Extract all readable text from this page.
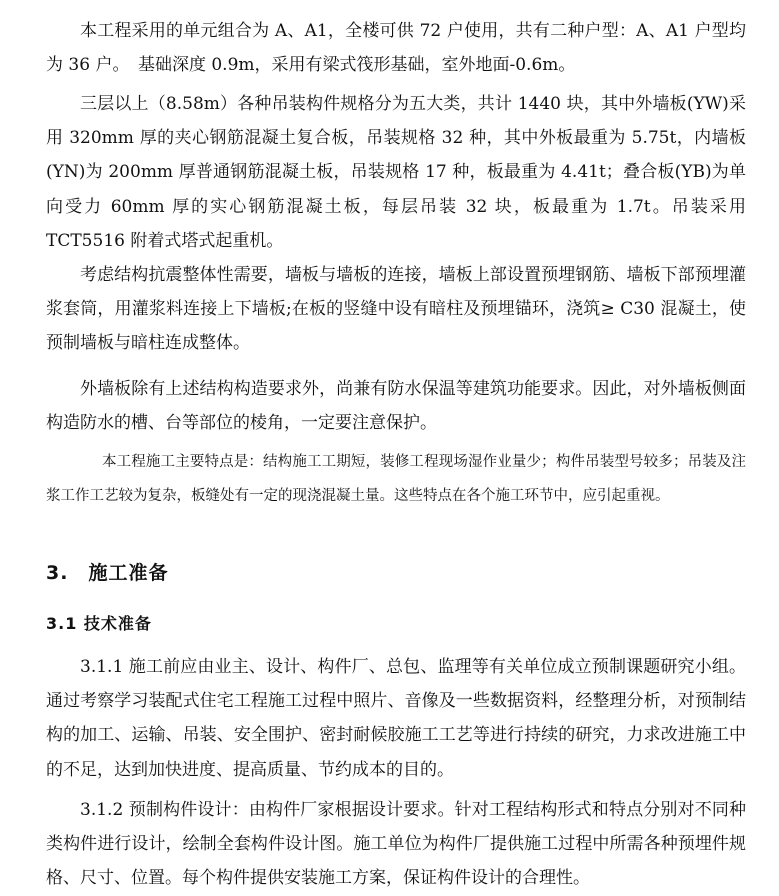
本工程采用的单元组合为 A、A1，全楼可供 72 户使用，共有二种户型：A、A1 户型均为 36 户。　基础深度 0.9m，采用有梁式筏形基础，室外地面-0.6m。

三层以上（8.58m）各种吊装构件规格分为五大类，共计 1440 块，其中外墙板(YW)采用 320mm 厚的夹心钢筋混凝土复合板，吊装规格 32 种，其中外板最重为 5.75t，内墙板(YN)为 200mm 厚普通钢筋混凝土板，吊装规格 17 种，板最重为 4.41t；叠合板(YB)为单向受力 60mm 厚的实心钢筋混凝土板，每层吊装 32 块，板最重为 1.7t。吊装采用 TCT5516 附着式塔式起重机。

考虑结构抗震整体性需要，墙板与墙板的连接，墙板上部设置预埋钢筋、墙板下部预埋灌浆套筒，用灌浆料连接上下墙板;在板的竖缝中设有暗柱及预埋锚环，浇筑≥ C30 混凝土，使预制墙板与暗柱连成整体。

外墙板除有上述结构构造要求外，尚兼有防水保温等建筑功能要求。因此，对外墙板侧面构造防水的槽、台等部位的棱角，一定要注意保护。

本工程施工主要特点是：结构施工工期短，装修工程现场湿作业量少；构件吊装型号较多；吊装及注浆工作工艺较为复杂，板缝处有一定的现浇混凝土量。这些特点在各个施工环节中，应引起重视。

3.　施工准备
3.1 技术准备

3.1.1 施工前应由业主、设计、构件厂、总包、监理等有关单位成立预制课题研究小组。通过考察学习装配式住宅工程施工过程中照片、音像及一些数据资料，经整理分析，对预制结构的加工、运输、吊装、安全围护、密封耐候胶施工工艺等进行持续的研究，力求改进施工中的不足，达到加快进度、提高质量、节约成本的目的。

3.1.2 预制构件设计：由构件厂家根据设计要求。针对工程结构形式和特点分别对不同种类构件进行设计，绘制全套构件设计图。施工单位为构件厂提供施工过程中所需各种预埋件规格、尺寸、位置。每个构件提供安装施工方案，保证构件设计的合理性。
